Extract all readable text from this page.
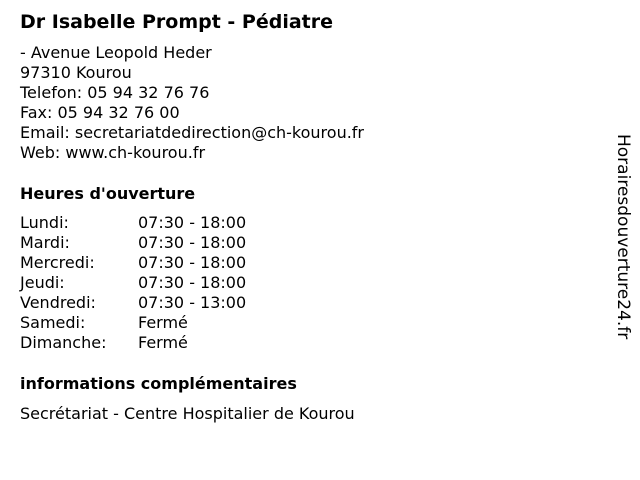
Dr Isabelle Prompt - Pédiatre
- Avenue Leopold Heder
97310 Kourou
Telefon: 05 94 32 76 76
Fax: 05 94 32 76 00
Email: secretariatdedirection@ch-kourou.fr
Web: www.ch-kourou.fr
Heures d'ouverture
Lundi:	07:30 - 18:00
Mardi:	07:30 - 18:00
Mercredi:	07:30 - 18:00
Jeudi:	07:30 - 18:00
Vendredi:	07:30 - 13:00
Samedi:	Fermé
Dimanche:	Fermé
informations complémentaires
Secrétariat - Centre Hospitalier de Kourou
Horairesdouverture24.fr
